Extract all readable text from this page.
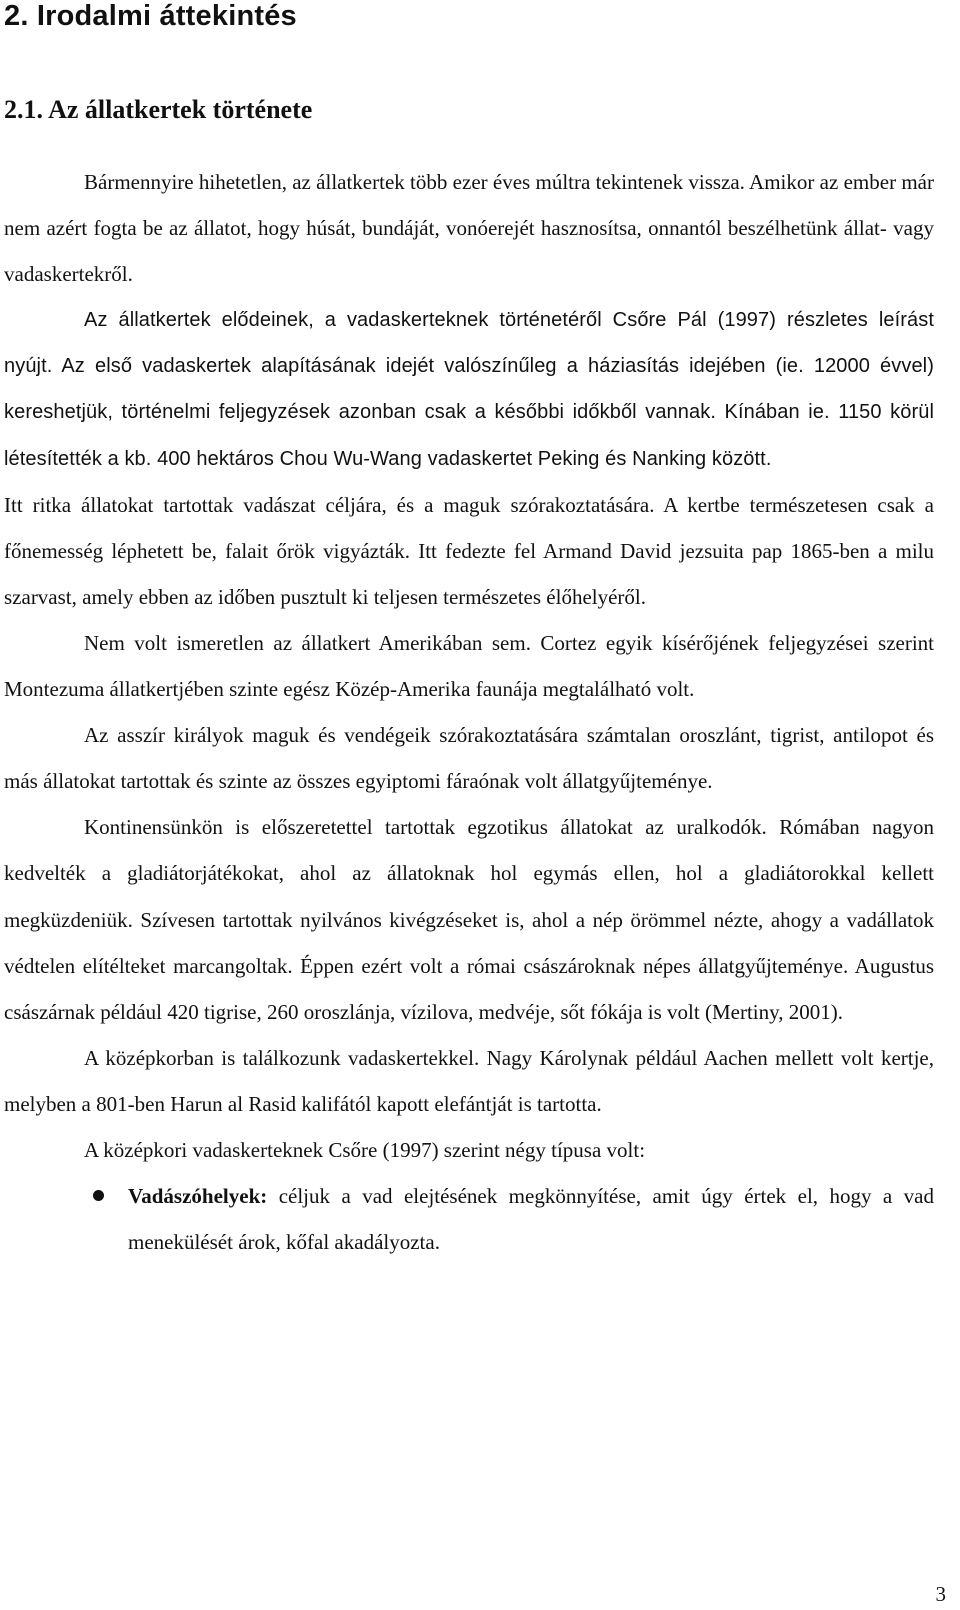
2. Irodalmi áttekintés
2.1. Az állatkertek története

Bármennyire hihetetlen, az állatkertek több ezer éves múltra tekintenek vissza. Amikor az ember már nem azért fogta be az állatot, hogy húsát, bundáját, vonóerejét hasznosítsa, onnantól beszélhetünk állat- vagy vadaskertekről.

Az állatkertek elődeinek, a vadaskerteknek történetéről Csőre Pál (1997) részletes leírást nyújt. Az első vadaskertek alapításának idejét valószínűleg a háziasítás idejében (ie. 12000 évvel) kereshetjük, történelmi feljegyzések azonban csak a későbbi időkből vannak. Kínában ie. 1150 körül létesítették a kb. 400 hektáros Chou Wu-Wang vadaskertet Peking és Nanking között.

Itt ritka állatokat tartottak vadászat céljára, és a maguk szórakoztatására. A kertbe természetesen csak a főnemesség léphetett be, falait őrök vigyázták. Itt fedezte fel Armand David jezsuita pap 1865-ben a milu szarvast, amely ebben az időben pusztult ki teljesen természetes élőhelyéről.

Nem volt ismeretlen az állatkert Amerikában sem. Cortez egyik kísérőjének feljegyzései szerint Montezuma állatkertjében szinte egész Közép-Amerika faunája megtalálható volt.

Az asszír királyok maguk és vendégeik szórakoztatására számtalan oroszlánt, tigrist, antilopot és más állatokat tartottak és szinte az összes egyiptomi fáraónak volt állatgyűjteménye.

Kontinensünkön is előszeretettel tartottak egzotikus állatokat az uralkodók. Rómában nagyon kedvelték a gladiátorjátékokat, ahol az állatoknak hol egymás ellen, hol a gladiátorokkal kellett megküzdeniük. Szívesen tartottak nyilvános kivégzéseket is, ahol a nép örömmel nézte, ahogy a vadállatok védtelen elítélteket marcangoltak. Éppen ezért volt a római császároknak népes állatgyűjteménye. Augustus császárnak például 420 tigrise, 260 oroszlánja, vízilova, medvéje, sőt fókája is volt (Mertiny, 2001).

A középkorban is találkozunk vadaskertekkel. Nagy Károlynak például Aachen mellett volt kertje, melyben a 801-ben Harun al Rasid kalifától kapott elefántját is tartotta.

A középkori vadaskerteknek Csőre (1997) szerint négy típusa volt:

Vadászóhelyek: céljuk a vad elejtésének megkönnyítése, amit úgy értek el, hogy a vad menekülését árok, kőfal akadályozta.
3
